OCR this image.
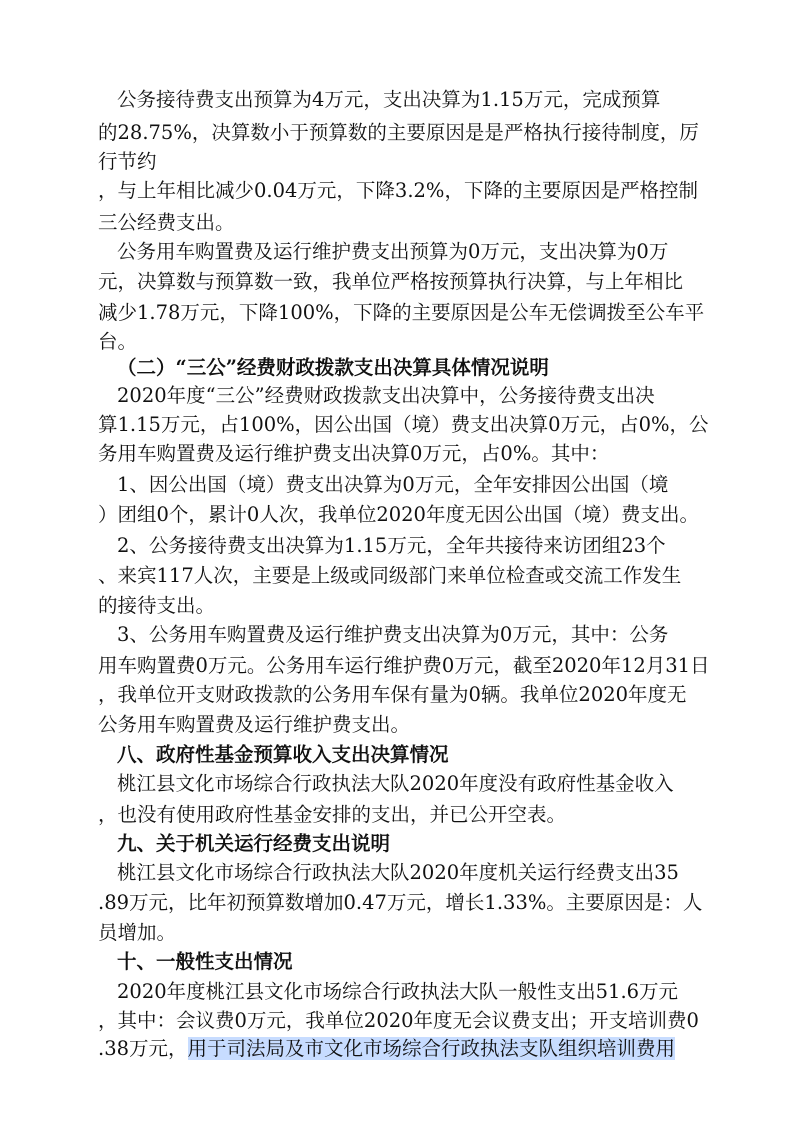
公务接待费支出预算为4万元，支出决算为1.15万元，完成预算
的28.75%，决算数小于预算数的主要原因是是严格执行接待制度，厉
行节约
，与上年相比减少0.04万元，下降3.2%，下降的主要原因是严格控制
三公经费支出。
公务用车购置费及运行维护费支出预算为0万元，支出决算为0万
元，决算数与预算数一致，我单位严格按预算执行决算，与上年相比
减少1.78万元，下降100%，下降的主要原因是公车无偿调拨至公车平
台。
（二）“三公”经费财政拨款支出决算具体情况说明
2020年度“三公”经费财政拨款支出决算中，公务接待费支出决
算1.15万元，占100%，因公出国（境）费支出决算0万元，占0%，公
务用车购置费及运行维护费支出决算0万元，占0%。其中：
1、因公出国（境）费支出决算为0万元，全年安排因公出国（境
）团组0个，累计0人次，我单位2020年度无因公出国（境）费支出。
2、公务接待费支出决算为1.15万元，全年共接待来访团组23个
、来宾117人次，主要是上级或同级部门来单位检查或交流工作发生
的接待支出。
3、公务用车购置费及运行维护费支出决算为0万元，其中：公务
用车购置费0万元。公务用车运行维护费0万元，截至2020年12月31日
，我单位开支财政拨款的公务用车保有量为0辆。我单位2020年度无
公务用车购置费及运行维护费支出。
八、政府性基金预算收入支出决算情况
桃江县文化市场综合行政执法大队2020年度没有政府性基金收入
，也没有使用政府性基金安排的支出，并已公开空表。
九、关于机关运行经费支出说明
桃江县文化市场综合行政执法大队2020年度机关运行经费支出35
.89万元，比年初预算数增加0.47万元，增长1.33%。主要原因是：人
员增加。
十、一般性支出情况
2020年度桃江县文化市场综合行政执法大队一般性支出51.6万元
，其中：会议费0万元，我单位2020年度无会议费支出；开支培训费0
.38万元，用于司法局及市文化市场综合行政执法支队组织培训费用
